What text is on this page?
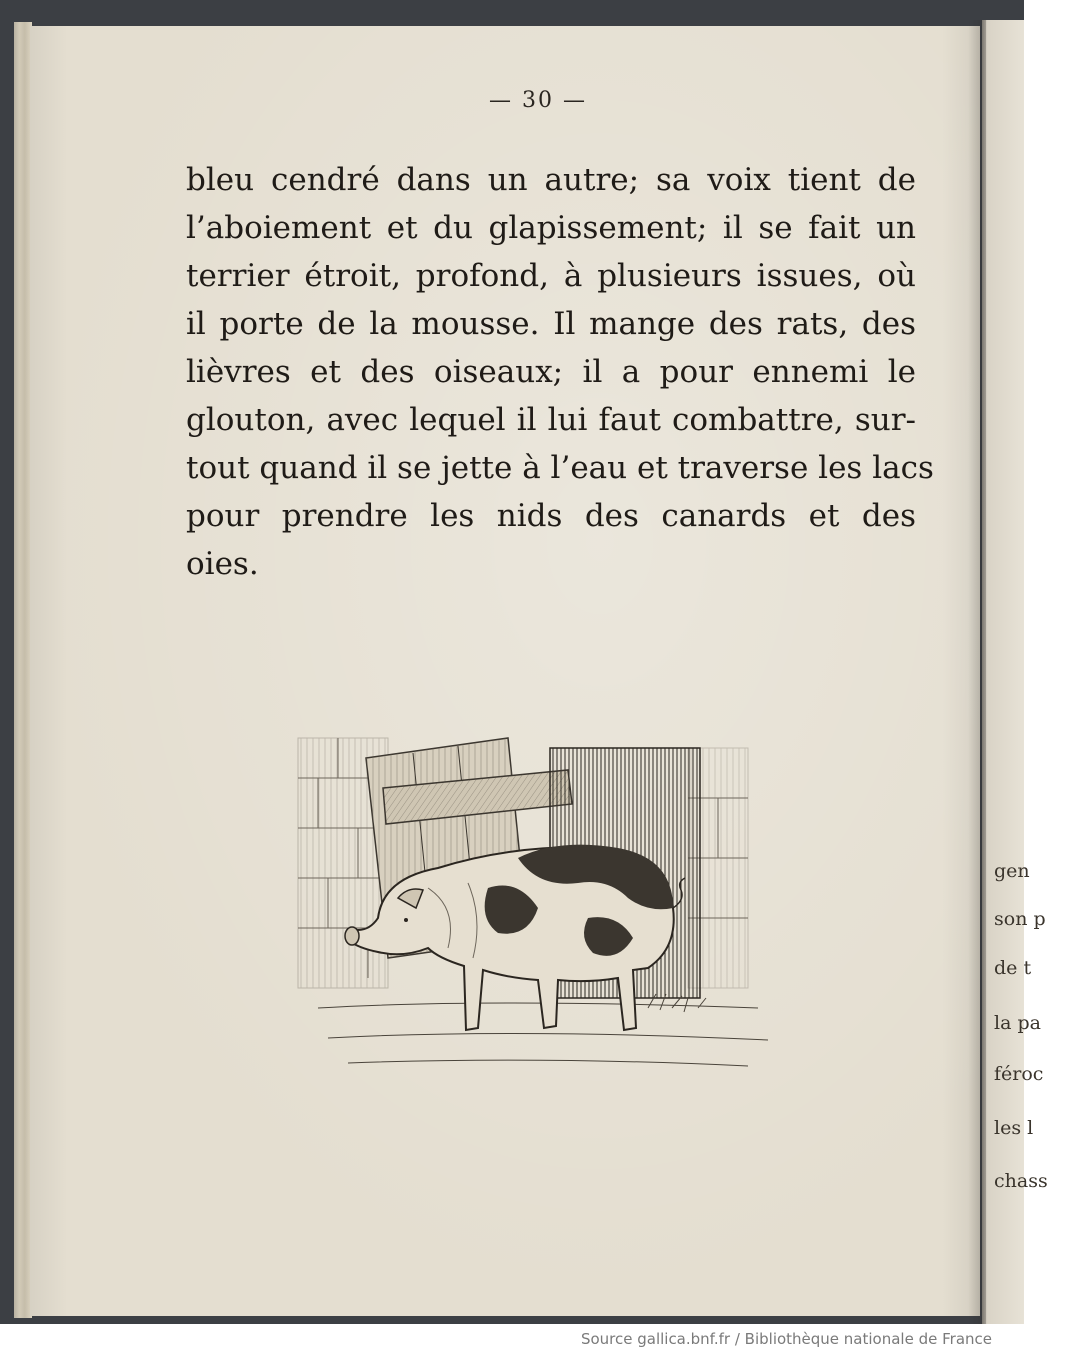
gen
son p
de t
la pa
féroc
les l
chass
— 30 —
bleu cendré dans un autre; sa voix tient de
l’aboiement et du glapissement; il se fait un
terrier étroit, profond, à plusieurs issues, où
il porte de la mousse. Il mange des rats, des
lièvres et des oiseaux; il a pour ennemi le
glouton, avec lequel il lui faut combattre, sur-
tout quand il se jette à l’eau et traverse les lacs
pour prendre les nids des canards et des
oies.
Source gallica.bnf.fr / Bibliothèque nationale de France
